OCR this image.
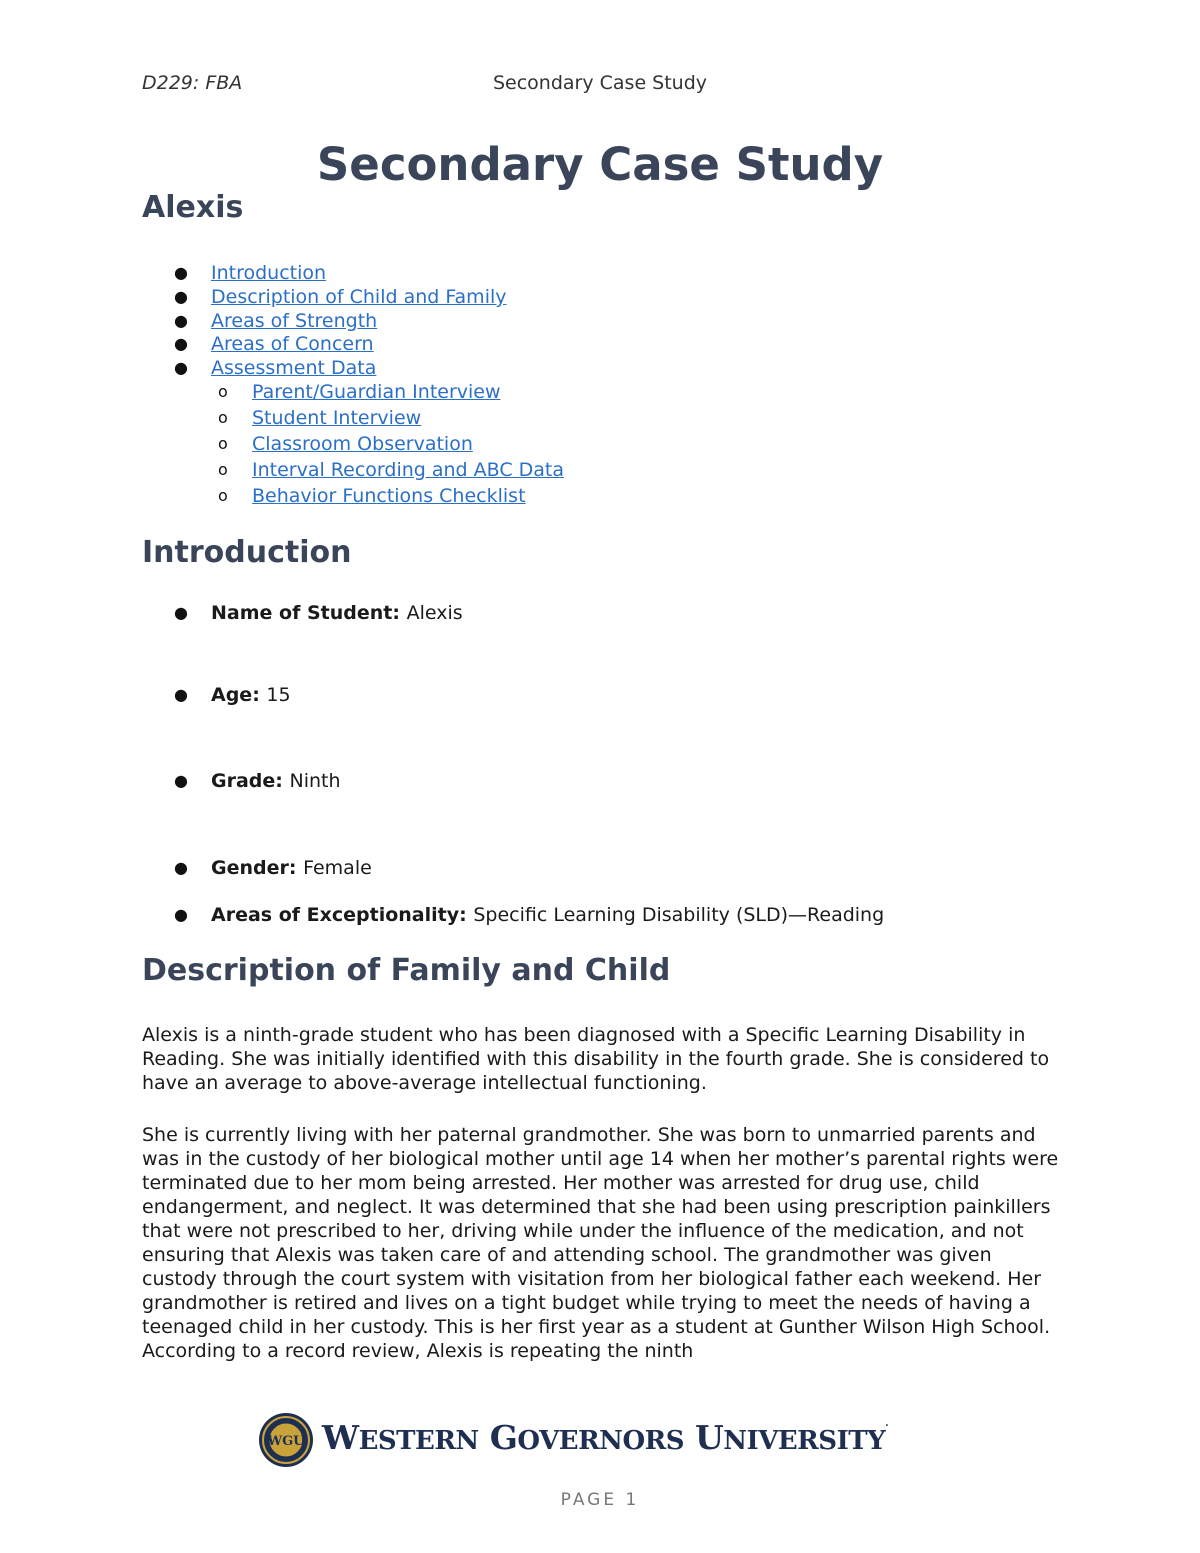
D229: FBA	Secondary Case Study
Secondary Case Study
Alexis
● Introduction
● Description of Child and Family
● Areas of Strength
● Areas of Concern
● Assessment Data
o Parent/Guardian Interview
o Student Interview
o Classroom Observation
o Interval Recording and ABC Data
o Behavior Functions Checklist
Introduction
● Name of Student: Alexis
● Age: 15
● Grade: Ninth
● Gender: Female
● Areas of Exceptionality: Specific Learning Disability (SLD)—Reading
Description of Family and Child

Alexis is a ninth-grade student who has been diagnosed with a Specific Learning Disability in Reading. She was initially identified with this disability in the fourth grade. She is considered to have an average to above-average intellectual functioning.

She is currently living with her paternal grandmother. She was born to unmarried parents and was in the custody of her biological mother until age 14 when her mother’s parental rights were terminated due to her mom being arrested. Her mother was arrested for drug use, child endangerment, and neglect. It was determined that she had been using prescription painkillers that were not prescribed to her, driving while under the influence of the medication, and not ensuring that Alexis was taken care of and attending school. The grandmother was given custody through the court system with visitation from her biological father each weekend. Her grandmother is retired and lives on a tight budget while trying to meet the needs of having a teenaged child in her custody. This is her first year as a student at Gunther Wilson High School. According to a record review, Alexis is repeating the ninth

WGU WESTERN GOVERNORS UNIVERSITY.
PAGE 1
